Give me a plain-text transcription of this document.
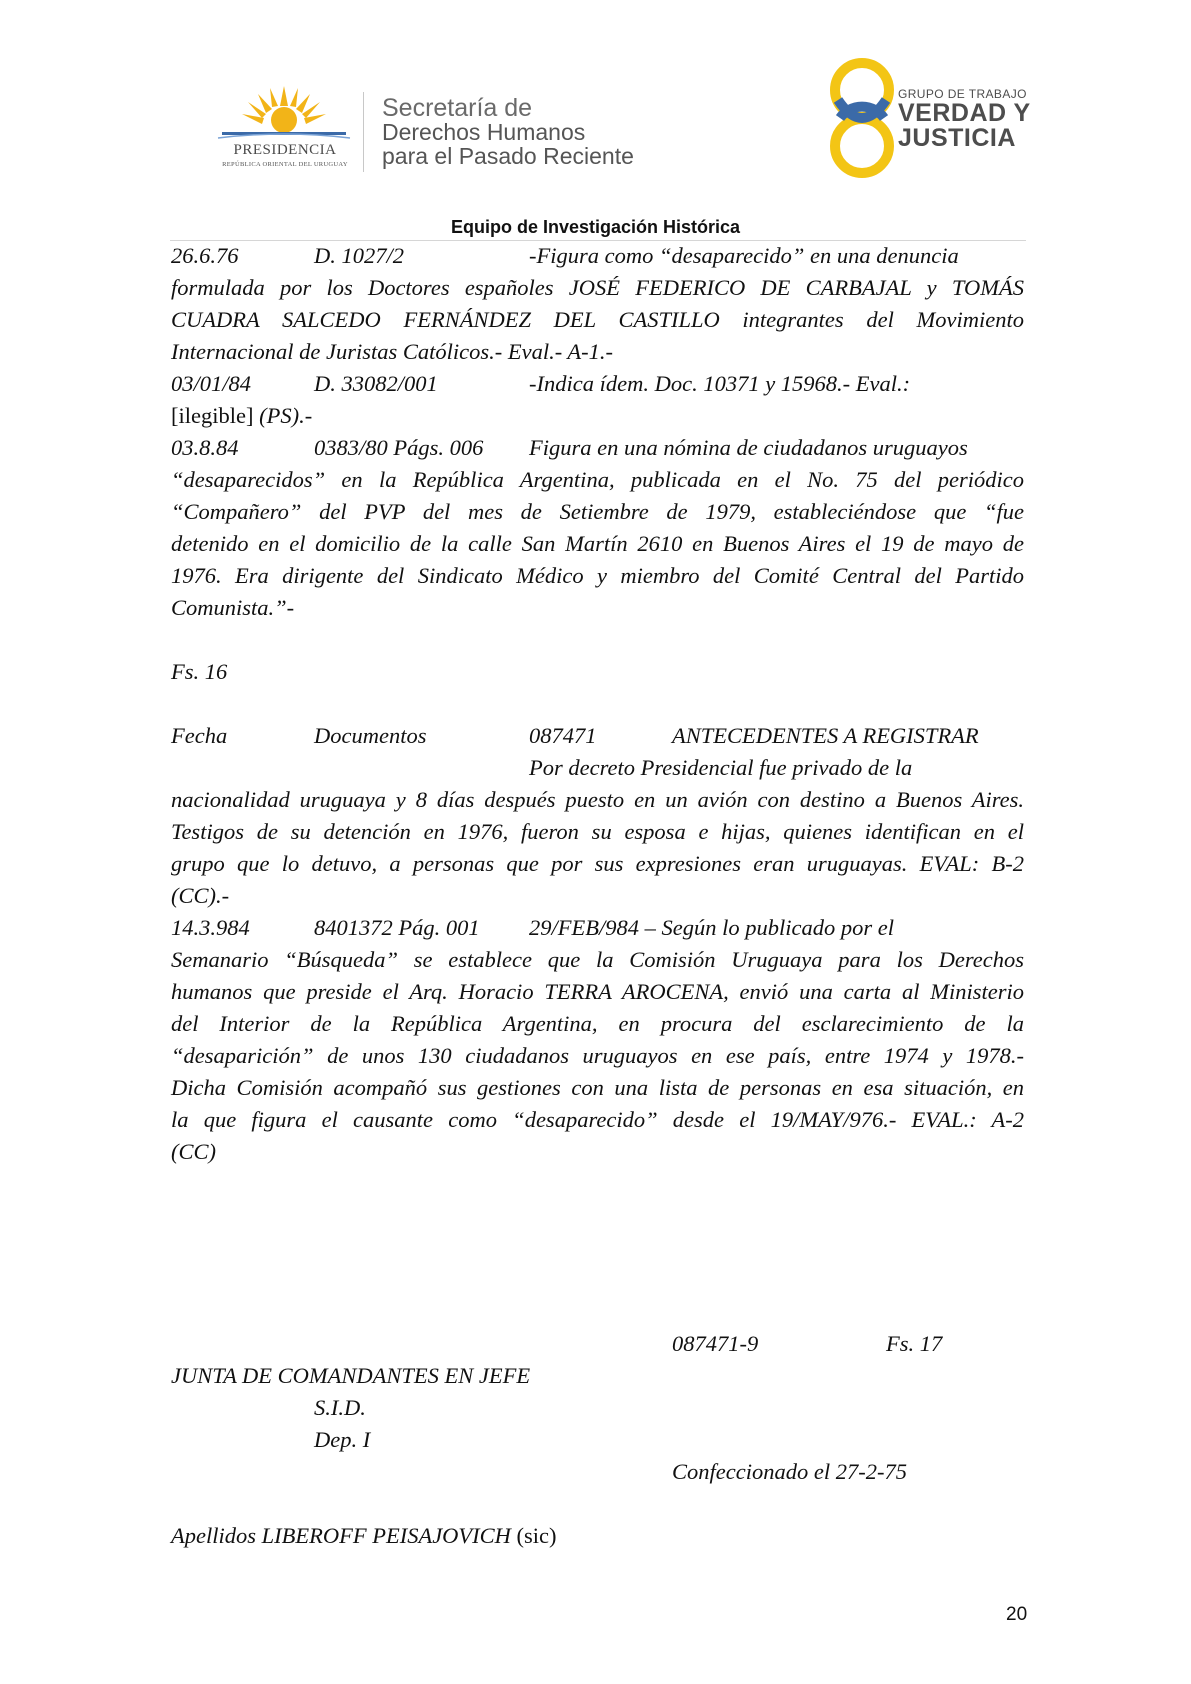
PRESIDENCIA
REPÚBLICA ORIENTAL DEL URUGUAY
Secretaría de
Derechos Humanos
para el Pasado Reciente
GRUPO DE TRABAJO
VERDAD Y
JUSTICIA
Equipo de Investigación Histórica
26.6.76	D. 1027/2	-Figura como “desaparecido” en una denuncia
formulada por los Doctores españoles JOSÉ FEDERICO DE CARBAJAL y TOMÁS
CUADRA SALCEDO FERNÁNDEZ DEL CASTILLO integrantes del Movimiento
Internacional de Juristas Católicos.- Eval.- A-1.-
03/01/84	D. 33082/001	-Indica ídem. Doc. 10371 y 15968.- Eval.:
[ilegible] (PS).-
03.8.84	0383/80 Págs. 006 Figura en una nómina de ciudadanos uruguayos
“desaparecidos” en la República Argentina, publicada en el No. 75 del periódico
“Compañero” del PVP del mes de Setiembre de 1979, estableciéndose que “fue
detenido en el domicilio de la calle San Martín 2610 en Buenos Aires el 19 de mayo de
1976. Era dirigente del Sindicato Médico y miembro del Comité Central del Partido
Comunista.”-
Fs. 16
Fecha	Documentos	087471	ANTECEDENTES A REGISTRAR
Por decreto Presidencial fue privado de la
nacionalidad uruguaya y 8 días después puesto en un avión con destino a Buenos Aires.
Testigos de su detención en 1976, fueron su esposa e hijas, quienes identifican en el
grupo que lo detuvo, a personas que por sus expresiones eran uruguayas. EVAL: B-2
(CC).-
14.3.984	8401372 Pág. 001 29/FEB/984 – Según lo publicado por el
Semanario “Búsqueda” se establece que la Comisión Uruguaya para los Derechos
humanos que preside el Arq. Horacio TERRA AROCENA, envió una carta al Ministerio
del Interior de la República Argentina, en procura del esclarecimiento de la
“desaparición” de unos 130 ciudadanos uruguayos en ese país, entre 1974 y 1978.-
Dicha Comisión acompañó sus gestiones con una lista de personas en esa situación, en
la que figura el causante como “desaparecido” desde el 19/MAY/976.- EVAL.: A-2
(CC)
087471-9	Fs. 17
JUNTA DE COMANDANTES EN JEFE
S.I.D.
Dep. I
Confeccionado el 27-2-75
Apellidos LIBEROFF PEISAJOVICH (sic)
20
